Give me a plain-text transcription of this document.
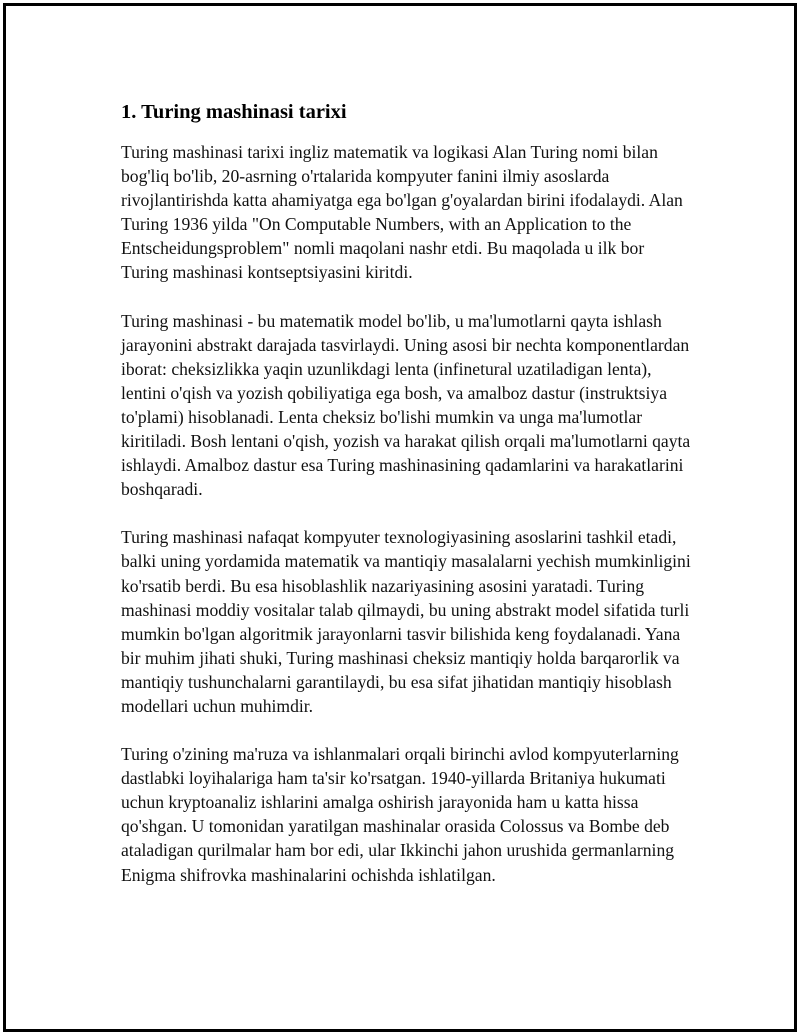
1. Turing mashinasi tarixi

Turing mashinasi tarixi ingliz matematik va logikasi Alan Turing nomi bilan bog'liq bo'lib, 20-asrning o'rtalarida kompyuter fanini ilmiy asoslarda rivojlantirishda katta ahamiyatga ega bo'lgan g'oyalardan birini ifodalaydi. Alan Turing 1936 yilda "On Computable Numbers, with an Application to the Entscheidungsproblem" nomli maqolani nashr etdi. Bu maqolada u ilk bor Turing mashinasi kontseptsiyasini kiritdi.

Turing mashinasi - bu matematik model bo'lib, u ma'lumotlarni qayta ishlash jarayonini abstrakt darajada tasvirlaydi. Uning asosi bir nechta komponentlardan iborat: cheksizlikka yaqin uzunlikdagi lenta (infinetural uzatiladigan lenta), lentini o'qish va yozish qobiliyatiga ega bosh, va amalboz dastur (instruktsiya to'plami) hisoblanadi. Lenta cheksiz bo'lishi mumkin va unga ma'lumotlar kiritiladi. Bosh lentani o'qish, yozish va harakat qilish orqali ma'lumotlarni qayta ishlaydi. Amalboz dastur esa Turing mashinasining qadamlarini va harakatlarini boshqaradi.

Turing mashinasi nafaqat kompyuter texnologiyasining asoslarini tashkil etadi, balki uning yordamida matematik va mantiqiy masalalarni yechish mumkinligini ko'rsatib berdi. Bu esa hisoblashlik nazariyasining asosini yaratadi. Turing mashinasi moddiy vositalar talab qilmaydi, bu uning abstrakt model sifatida turli mumkin bo'lgan algoritmik jarayonlarni tasvir bilishida keng foydalanadi. Yana bir muhim jihati shuki, Turing mashinasi cheksiz mantiqiy holda barqarorlik va mantiqiy tushunchalarni garantilaydi, bu esa sifat jihatidan mantiqiy hisoblash modellari uchun muhimdir.

Turing o'zining ma'ruza va ishlanmalari orqali birinchi avlod kompyuterlarning dastlabki loyihalariga ham ta'sir ko'rsatgan. 1940-yillarda Britaniya hukumati uchun kryptoanaliz ishlarini amalga oshirish jarayonida ham u katta hissa qo'shgan. U tomonidan yaratilgan mashinalar orasida Colossus va Bombe deb ataladigan qurilmalar ham bor edi, ular Ikkinchi jahon urushida germanlarning Enigma shifrovka mashinalarini ochishda ishlatilgan.
